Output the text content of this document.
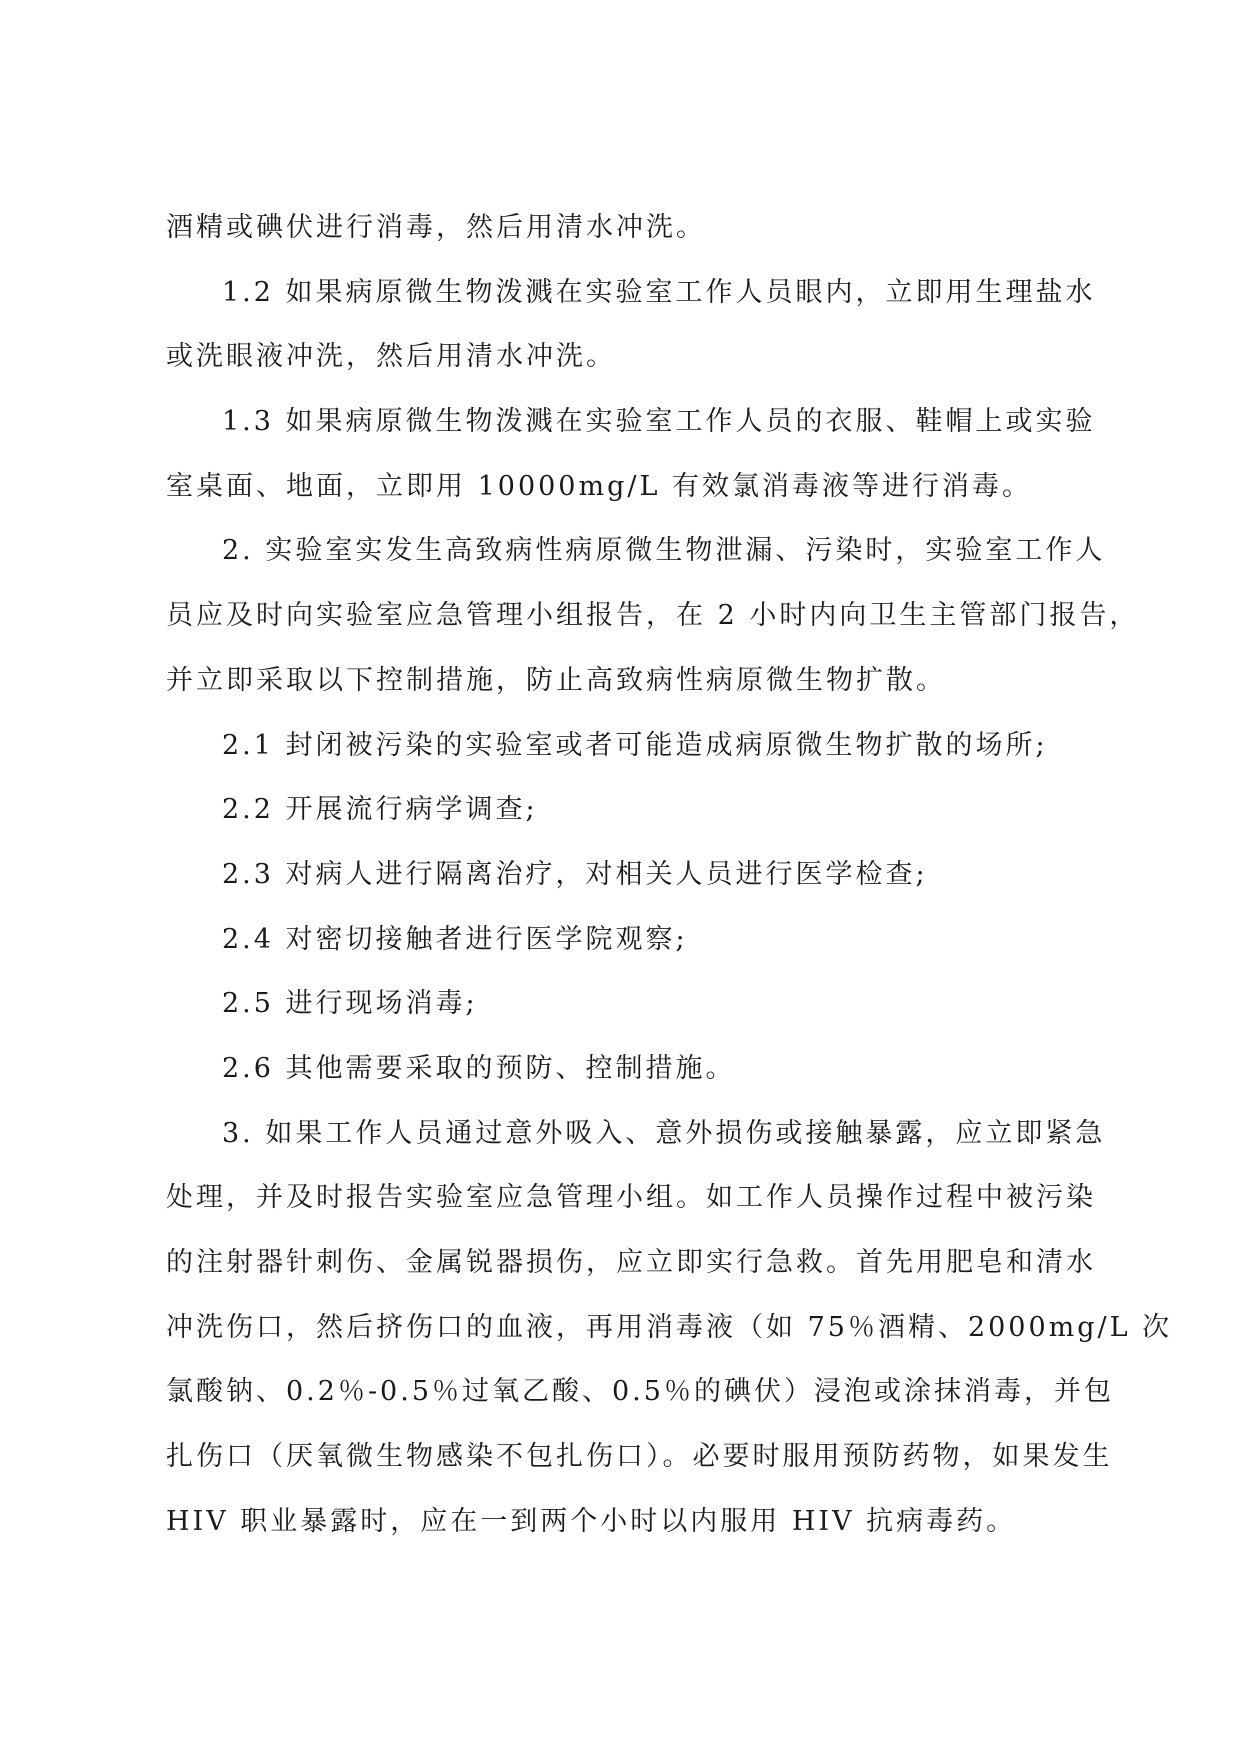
酒精或碘伏进行消毒，然后用清水冲洗。
1.2 如果病原微生物泼溅在实验室工作人员眼内，立即用生理盐水
或洗眼液冲洗，然后用清水冲洗。
1.3 如果病原微生物泼溅在实验室工作人员的衣服、鞋帽上或实验
室桌面、地面，立即用 10000mg/L 有效氯消毒液等进行消毒。
2. 实验室实发生高致病性病原微生物泄漏、污染时，实验室工作人
员应及时向实验室应急管理小组报告，在 2 小时内向卫生主管部门报告，
并立即采取以下控制措施，防止高致病性病原微生物扩散。
2.1 封闭被污染的实验室或者可能造成病原微生物扩散的场所;
2.2 开展流行病学调查;
2.3 对病人进行隔离治疗，对相关人员进行医学检查;
2.4 对密切接触者进行医学院观察;
2.5 进行现场消毒;
2.6 其他需要采取的预防、控制措施。
3. 如果工作人员通过意外吸入、意外损伤或接触暴露，应立即紧急
处理，并及时报告实验室应急管理小组。如工作人员操作过程中被污染
的注射器针刺伤、金属锐器损伤，应立即实行急救。首先用肥皂和清水
冲洗伤口，然后挤伤口的血液，再用消毒液（如 75％酒精、2000mg/L 次
氯酸钠、0.2％-0.5％过氧乙酸、0.5％的碘伏）浸泡或涂抹消毒，并包
扎伤口（厌氧微生物感染不包扎伤口）。必要时服用预防药物，如果发生
HIV 职业暴露时，应在一到两个小时以内服用 HIV 抗病毒药。
